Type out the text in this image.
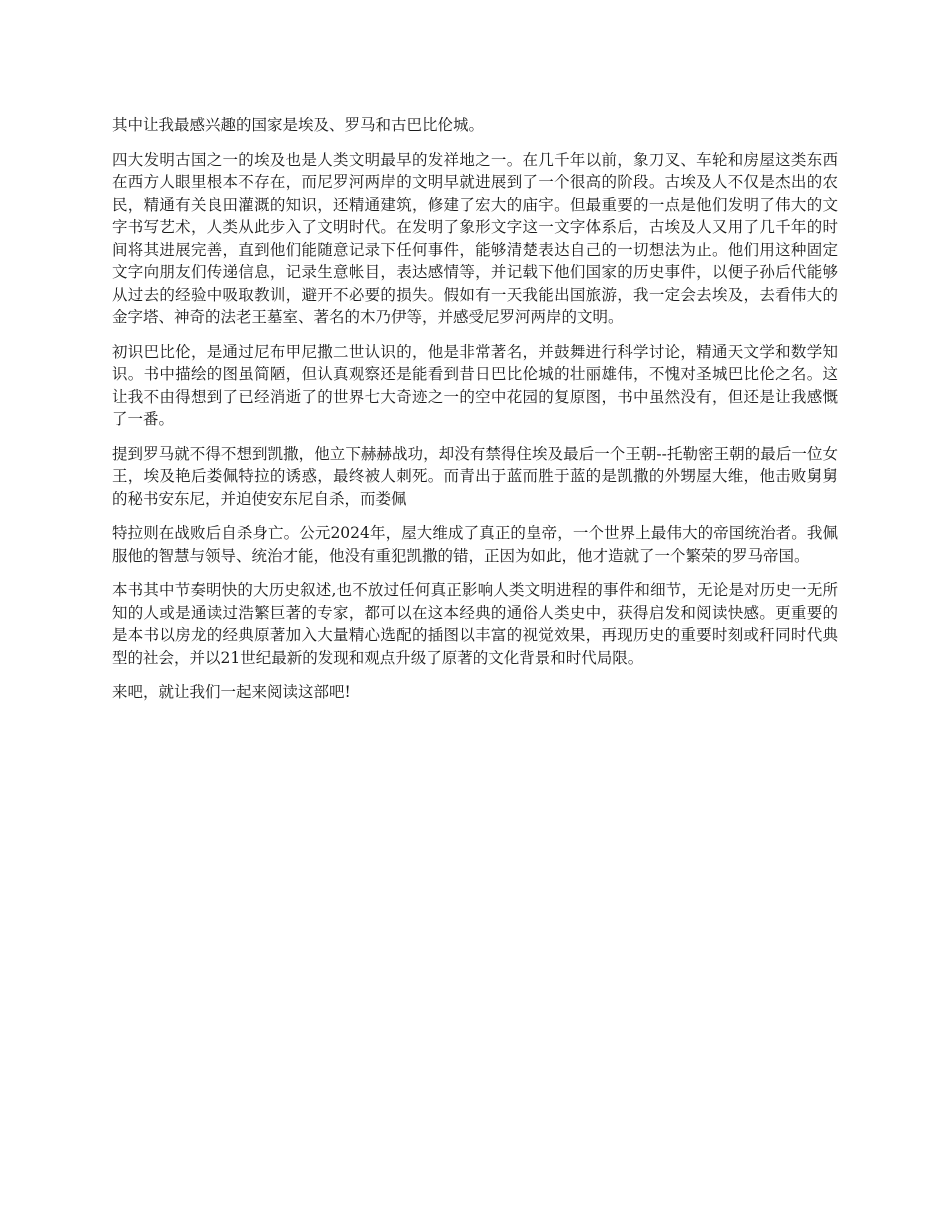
其中让我最感兴趣的国家是埃及、罗马和古巴比伦城。

四大发明古国之一的埃及也是人类文明最早的发祥地之一。在几千年以前，象刀叉、车轮和房屋这类东西在西方人眼里根本不存在，而尼罗河两岸的文明早就进展到了一个很高的阶段。古埃及人不仅是杰出的农民，精通有关良田灌溉的知识，还精通建筑，修建了宏大的庙宇。但最重要的一点是他们发明了伟大的文字书写艺术，人类从此步入了文明时代。在发明了象形文字这一文字体系后，古埃及人又用了几千年的时间将其进展完善，直到他们能随意记录下任何事件，能够清楚表达自己的一切想法为止。他们用这种固定文字向朋友们传递信息，记录生意帐目，表达感情等，并记载下他们国家的历史事件，以便子孙后代能够从过去的经验中吸取教训，避开不必要的损失。假如有一天我能出国旅游，我一定会去埃及，去看伟大的金字塔、神奇的法老王墓室、著名的木乃伊等，并感受尼罗河两岸的文明。

初识巴比伦，是通过尼布甲尼撒二世认识的，他是非常著名，并鼓舞进行科学讨论，精通天文学和数学知识。书中描绘的图虽简陋，但认真观察还是能看到昔日巴比伦城的壮丽雄伟，不愧对圣城巴比伦之名。这让我不由得想到了已经消逝了的世界七大奇迹之一的空中花园的复原图，书中虽然没有，但还是让我感慨了一番。

提到罗马就不得不想到凯撒，他立下赫赫战功，却没有禁得住埃及最后一个王朝--托勒密王朝的最后一位女王，埃及艳后娄佩特拉的诱惑，最终被人刺死。而青出于蓝而胜于蓝的是凯撒的外甥屋大维，他击败舅舅的秘书安东尼，并迫使安东尼自杀，而娄佩

特拉则在战败后自杀身亡。公元2024年，屋大维成了真正的皇帝，一个世界上最伟大的帝国统治者。我佩服他的智慧与领导、统治才能，他没有重犯凯撒的错，正因为如此，他才造就了一个繁荣的罗马帝国。

本书其中节奏明快的大历史叙述,也不放过任何真正影响人类文明进程的事件和细节，无论是对历史一无所知的人或是通读过浩繁巨著的专家，都可以在这本经典的通俗人类史中，获得启发和阅读快感。更重要的是本书以房龙的经典原著加入大量精心选配的插图以丰富的视觉效果，再现历史的重要时刻或秆同时代典型的社会，并以21世纪最新的发现和观点升级了原著的文化背景和时代局限。

来吧，就让我们一起来阅读这部吧!
